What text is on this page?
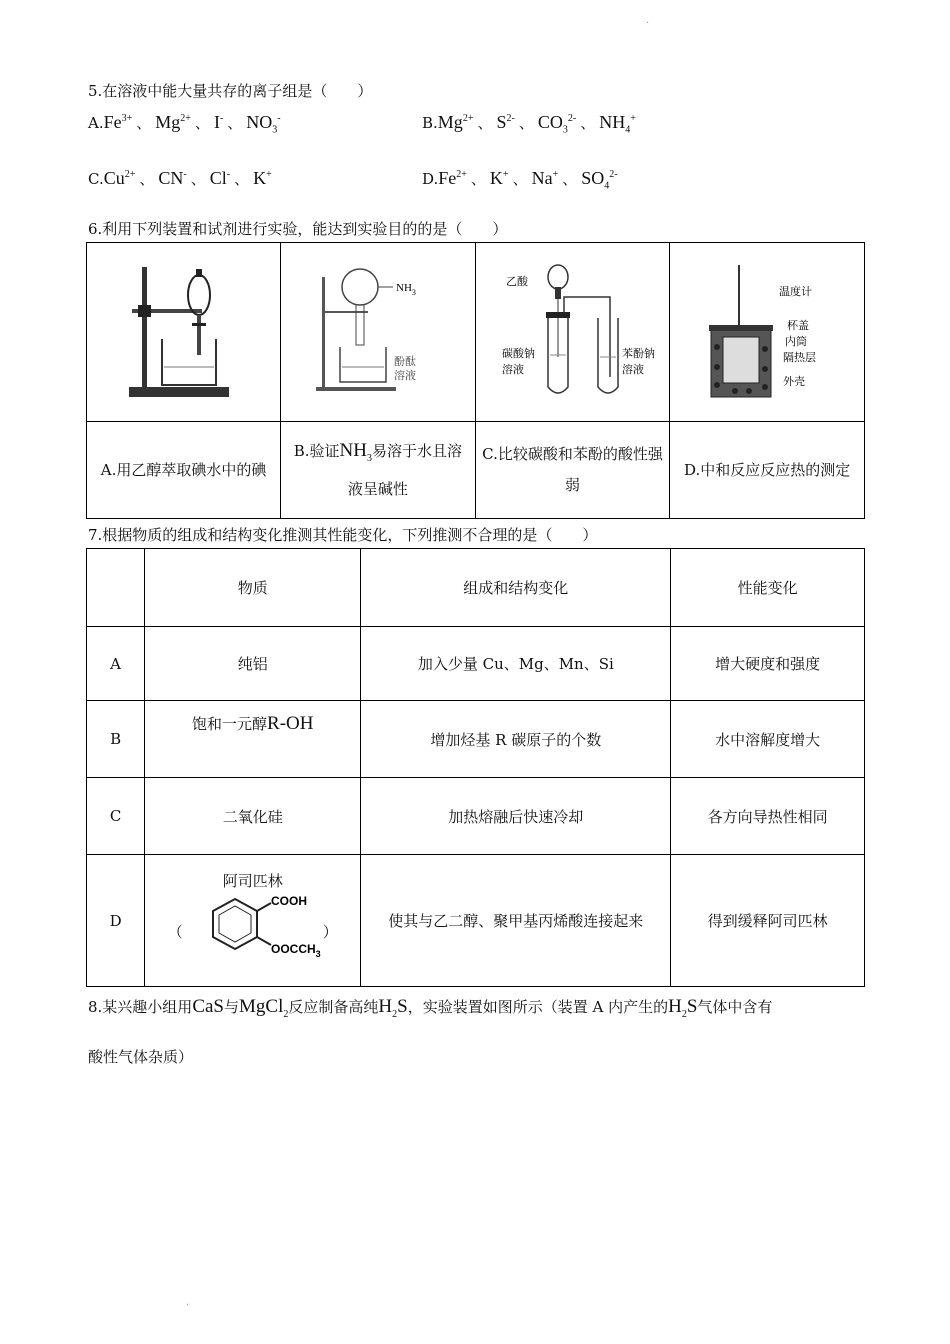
·
·
5.在溶液中能大量共存的离子组是（　　）
$A.Fe^{3+}$ 、 $Mg^{2+}$ 、 I- 、 $NO_3^-$	$B.Mg^{2+}$ 、 $S^{2-}$ 、 $CO_3^{2-}$ 、 $NH_4^+$
$C.Cu^{2+}$ 、 CN- 、 Cl- 、 K+	$D.Fe^{2+}$ 、 K+ 、 Na+ 、 $SO_4^{2-}$
6.利用下列装置和试剂进行实验，能达到实验目的的是（　　）

$NH_3$
酚酞
溶液	乙酸
碳酸钠
溶液
苯酚钠
溶液	温度计
杯盖
内筒
隔热层
外壳

A.用乙醇萃取碘水中的碘	B.验证$NH_3$易溶于水且溶液呈碱性	C.比较碳酸和苯酚的酸性强弱	D.中和反应反应热的测定
7.根据物质的组成和结构变化推测其性能变化，下列推测不合理的是（　　）
	物质	组成和结构变化	性能变化
A	纯铝	加入少量 Cu、Mg、Mn、Si	增大硬度和强度
B	饱和一元醇R-OH	增加烃基 R 碳原子的个数	水中溶解度增大
C	二氧化硅	加热熔融后快速冷却	各方向导热性相同
D	阿司匹林
（
COOH
$OOCCH_3$
）	使其与乙二醇、聚甲基丙烯酸连接起来	得到缓释阿司匹林
8.某兴趣小组用CaS与MgCl$_2$反应制备高纯$H_2S$，实验装置如图所示（装置 A 内产生的$H_2S$气体中含有
酸性气体杂质）
